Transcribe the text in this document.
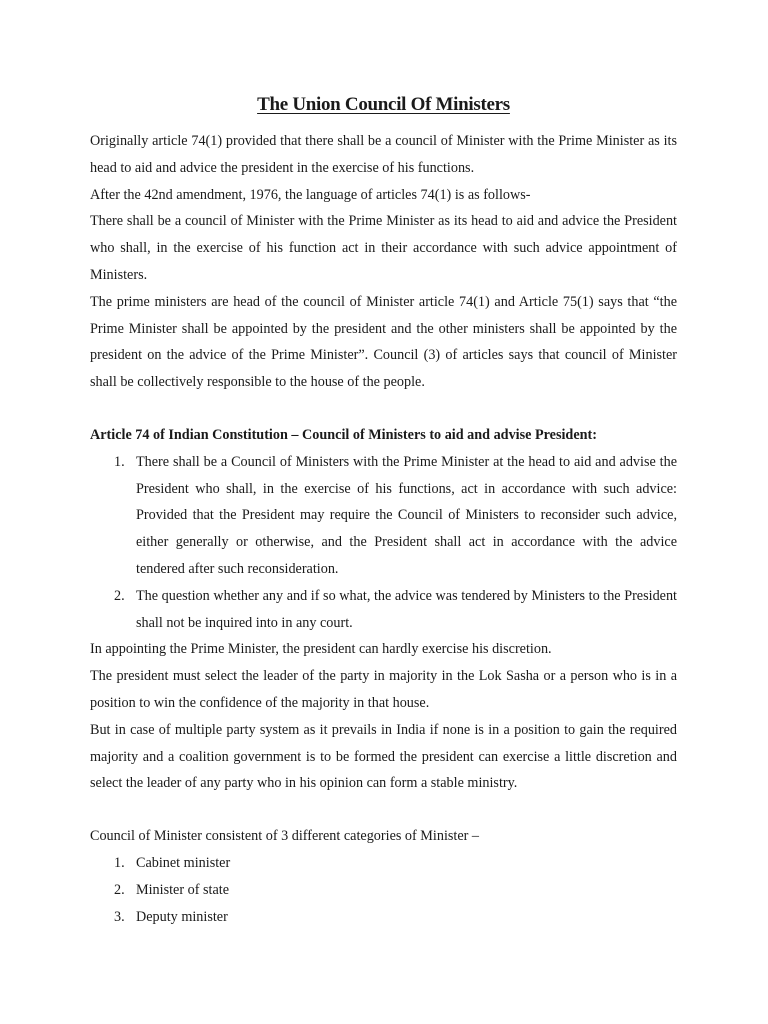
The Union Council Of Ministers

Originally article 74(1) provided that there shall be a council of Minister with the Prime Minister as its head to aid and advice the president in the exercise of his functions.

After the 42nd amendment, 1976, the language of articles 74(1) is as follows-

There shall be a council of Minister with the Prime Minister as its head to aid and advice the President who shall, in the exercise of his function act in their accordance with such advice appointment of Ministers.

The prime ministers are head of the council of Minister article 74(1) and Article 75(1) says that “the Prime Minister shall be appointed by the president and the other ministers shall be appointed by the president on the advice of the Prime Minister”. Council (3) of articles says that council of Minister shall be collectively responsible to the house of the people.

Article 74 of Indian Constitution – Council of Ministers to aid and advise President:

1. There shall be a Council of Ministers with the Prime Minister at the head to aid and advise the President who shall, in the exercise of his functions, act in accordance with such advice: Provided that the President may require the Council of Ministers to reconsider such advice, either generally or otherwise, and the President shall act in accordance with the advice tendered after such reconsideration.
2. The question whether any and if so what, the advice was tendered by Ministers to the President shall not be inquired into in any court.

In appointing the Prime Minister, the president can hardly exercise his discretion.

The president must select the leader of the party in majority in the Lok Sasha or a person who is in a position to win the confidence of the majority in that house.

But in case of multiple party system as it prevails in India if none is in a position to gain the required majority and a coalition government is to be formed the president can exercise a little discretion and select the leader of any party who in his opinion can form a stable ministry.

Council of Minister consistent of 3 different categories of Minister –

1. Cabinet minister
2. Minister of state
3. Deputy minister
